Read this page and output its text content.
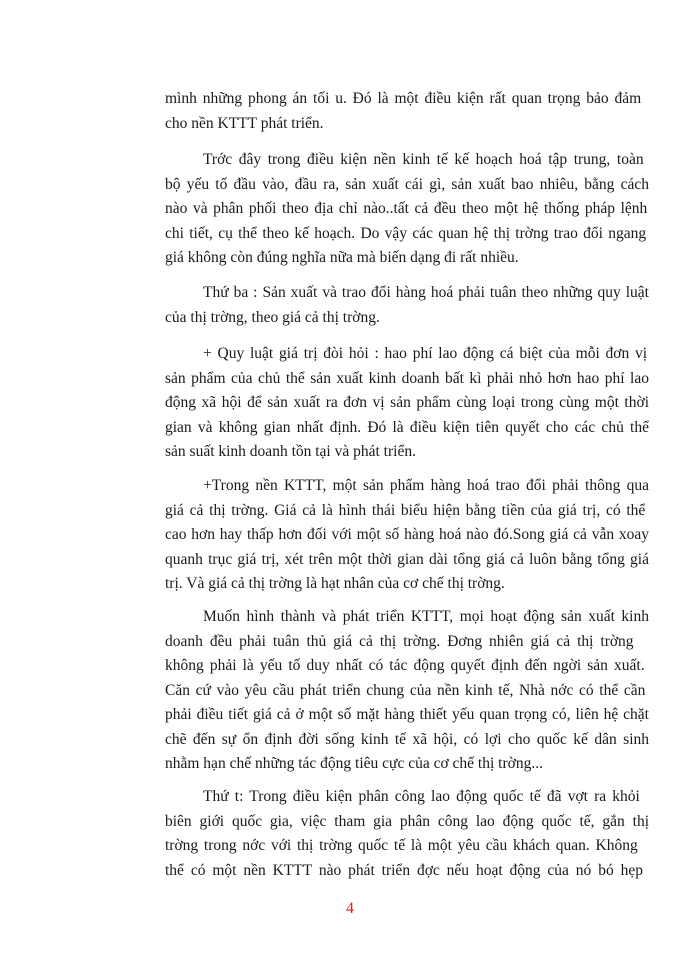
mình những phong án tối u. Đó là một điều kiện rất quan trọng bảo đảm
cho nền KTTT phát triển.
Trớc đây trong điều kiện nền kinh tế kế hoạch hoá tập trung, toàn
bộ yếu tố đầu vào, đầu ra, sản xuất cái gì, sản xuất bao nhiêu, bằng cách
nào và phân phối theo địa chỉ nào..tất cả đều theo một hệ thống pháp lệnh
chi tiết, cụ thể theo kế hoạch. Do vậy các quan hệ thị trờng trao đổi ngang
giá không còn đúng nghĩa nữa mà biến dạng đi rất nhiều.
Thứ ba : Sản xuất và trao đổi hàng hoá phải tuân theo những quy luật
của thị trờng, theo giá cả thị trờng.
+ Quy luật giá trị đòi hỏi : hao phí lao động cá biệt của mỗi đơn vị
sản phẩm của chủ thể sản xuất kinh doanh bất kì phải nhỏ hơn hao phí lao
động xã hội để sản xuất ra đơn vị sản phẩm cùng loại trong cùng một thời
gian và không gian nhất định. Đó là điều kiện tiên quyết cho các chủ thể
sản suất kinh doanh tồn tại và phát triển.
+Trong nền KTTT, một sản phẩm hàng hoá trao đổi phải thông qua
giá cả thị trờng. Giá cả là hình thái biểu hiện bằng tiền của giá trị, có thể
cao hơn hay thấp hơn đối với một số hàng hoá nào đó.Song giá cả vẫn xoay
quanh trục giá trị, xét trên một thời gian dài tổng giá cả luôn bằng tổng giá
trị. Và giá cả thị trờng là hạt nhân của cơ chế thị trờng.
Muốn hình thành và phát triển KTTT, mọi hoạt động sản xuất kinh
doanh đều phải tuân thủ giá cả thị trờng. Đơng nhiên giá cả thị trờng
không phải là yếu tố duy nhất có tác động quyết định đến ngời sản xuất.
Căn cứ vào yêu cầu phát triển chung của nền kinh tế, Nhà nớc có thể cần
phải điều tiết giá cả ở một số mặt hàng thiết yếu quan trọng có, liên hệ chặt
chẽ đến sự ổn định đời sống kinh tế xã hội, có lợi cho quốc kế dân sinh
nhằm hạn chế những tác động tiêu cực của cơ chế thị trờng...
Thứ t: Trong điều kiện phân công lao động quốc tế đã vợt ra khỏi
biên giới quốc gia, việc tham gia phân công lao động quốc tế, gắn thị
trờng trong nớc với thị trờng quốc tế là một yêu cầu khách quan. Không
thể có một nền KTTT nào phát triển đợc nếu hoạt động của nó bó hẹp
4
